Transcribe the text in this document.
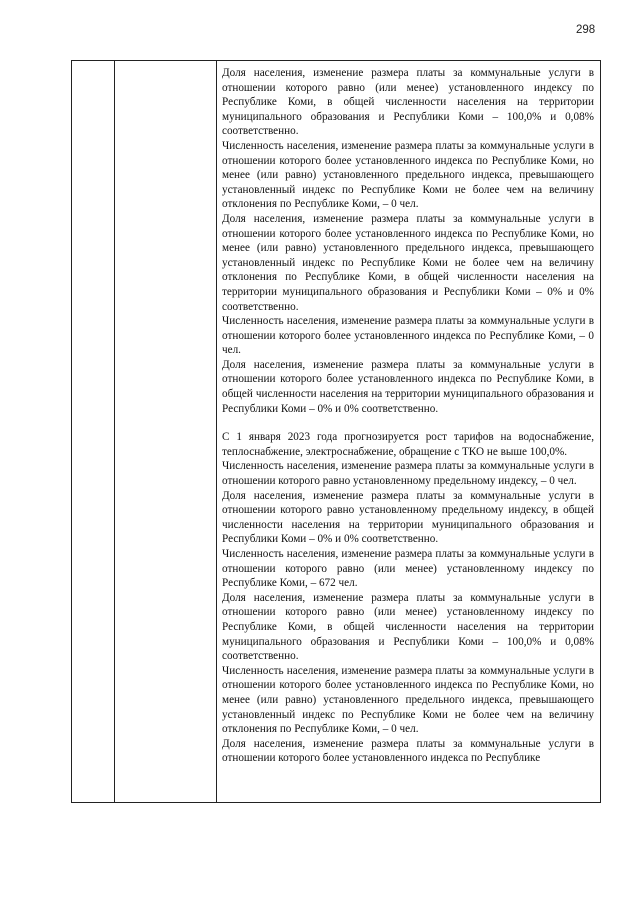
298

Доля населения, изменение размера платы за коммунальные услуги в отношении которого равно (или менее) установленного индексу по Республике Коми, в общей численности населения на территории муниципального образования и Республики Коми – 100,0% и 0,08% соответственно.

Численность населения, изменение размера платы за коммунальные услуги в отношении которого более установленного индекса по Республике Коми, но менее (или равно) установленного предельного индекса, превышающего установленный индекс по Республике Коми не более чем на величину отклонения по Республике Коми, – 0 чел.

Доля населения, изменение размера платы за коммунальные услуги в отношении которого более установленного индекса по Республике Коми, но менее (или равно) установленного предельного индекса, превышающего установленный индекс по Республике Коми не более чем на величину отклонения по Республике Коми, в общей численности населения на территории муниципального образования и Республики Коми – 0% и 0% соответственно.

Численность населения, изменение размера платы за коммунальные услуги в отношении которого более установленного индекса по Республике Коми, – 0 чел.

Доля населения, изменение размера платы за коммунальные услуги в отношении которого более установленного индекса по Республике Коми, в общей численности населения на территории муниципального образования и Республики Коми – 0% и 0% соответственно.

С 1 января 2023 года прогнозируется рост тарифов на водоснабжение, теплоснабжение, электроснабжение, обращение с ТКО не выше 100,0%.

Численность населения, изменение размера платы за коммунальные услуги в отношении которого равно установленному предельному индексу, – 0 чел.

Доля населения, изменение размера платы за коммунальные услуги в отношении которого равно установленному предельному индексу, в общей численности населения на территории муниципального образования и Республики Коми – 0% и 0% соответственно.

Численность населения, изменение размера платы за коммунальные услуги в отношении которого равно (или менее) установленному индексу по Республике Коми, – 672 чел.

Доля населения, изменение размера платы за коммунальные услуги в отношении которого равно (или менее) установленному индексу по Республике Коми, в общей численности населения на территории муниципального образования и Республики Коми – 100,0% и 0,08% соответственно.

Численность населения, изменение размера платы за коммунальные услуги в отношении которого более установленного индекса по Республике Коми, но менее (или равно) установленного предельного индекса, превышающего установленный индекс по Республике Коми не более чем на величину отклонения по Республике Коми, – 0 чел.

Доля населения, изменение размера платы за коммунальные услуги в отношении которого более установленного индекса по Республике
